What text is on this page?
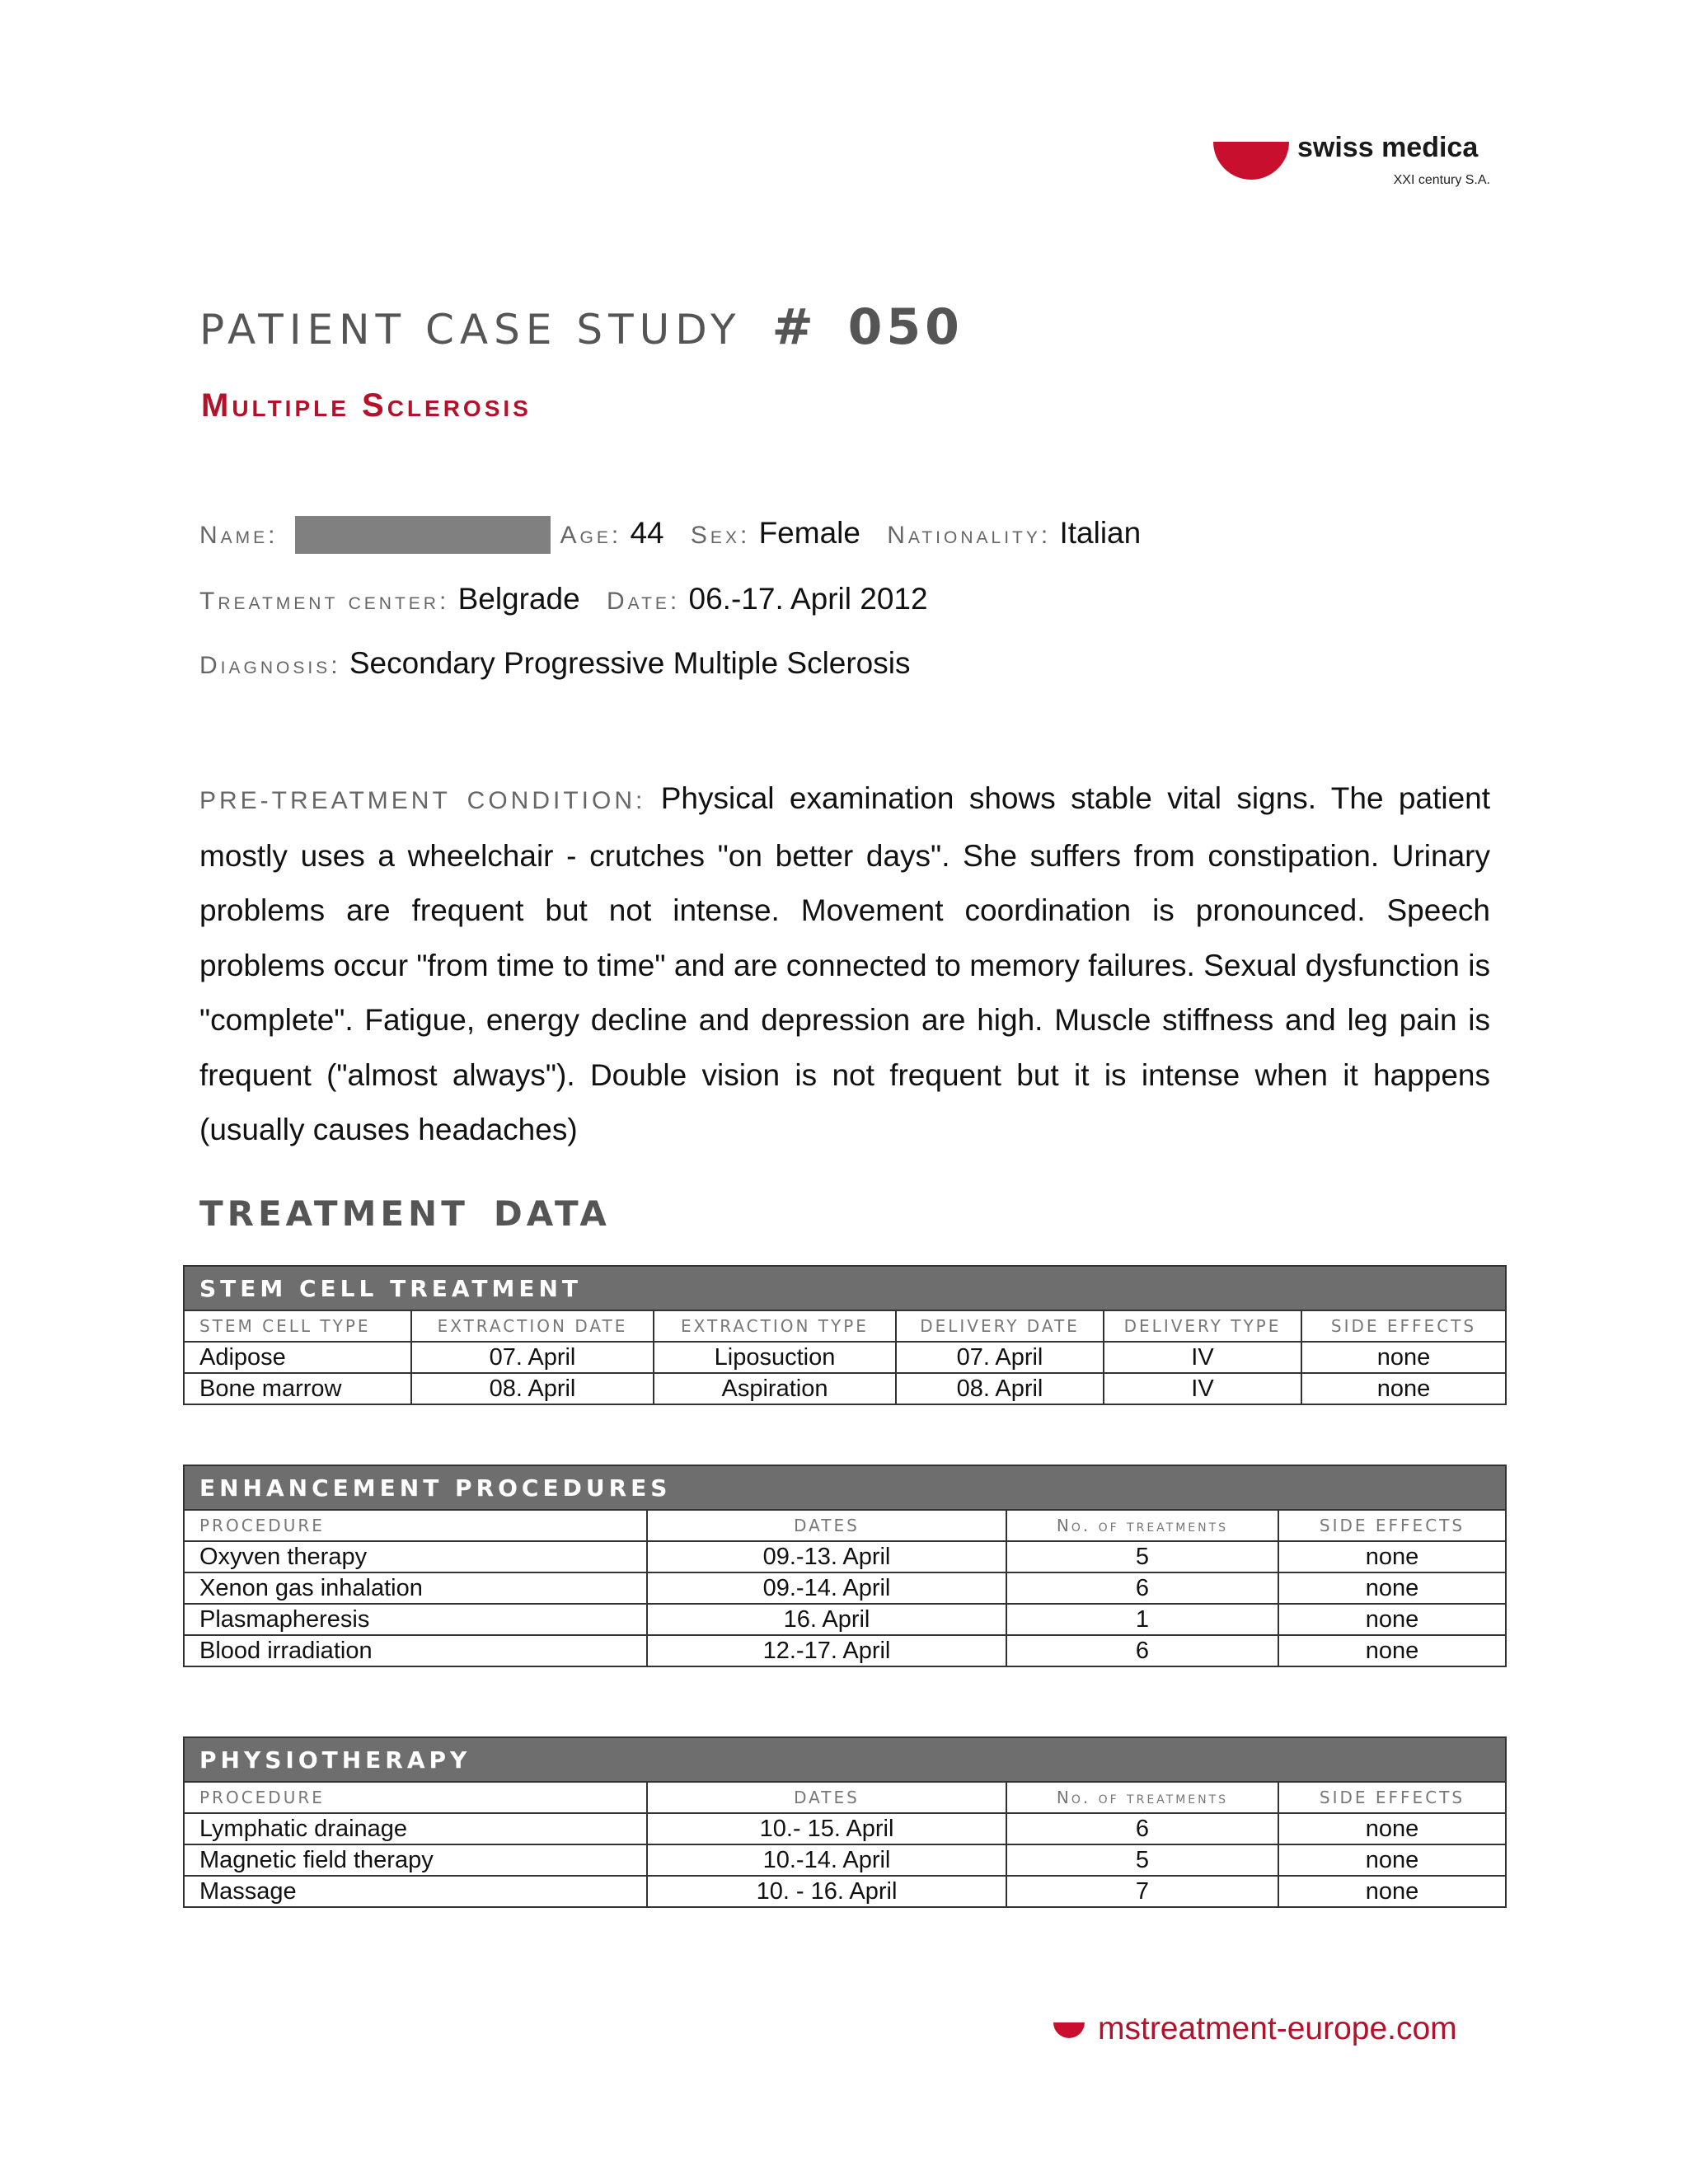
swiss medica
XXI century S.A.
PATIENT CASE STUDY # 050
Multiple Sclerosis
Name:	Age: 44 Sex: Female Nationality: Italian
Treatment center: Belgrade Date: 06.-17. April 2012
Diagnosis: Secondary Progressive Multiple Sclerosis
PRE-TREATMENT CONDITION: Physical examination shows stable vital signs. The patient mostly uses a wheelchair - crutches "on better days". She suffers from constipation. Urinary problems are frequent but not intense. Movement coordination is pronounced. Speech problems occur "from time to time" and are connected to memory failures. Sexual dysfunction is "complete". Fatigue, energy decline and depression are high. Muscle stiffness and leg pain is frequent ("almost always"). Double vision is not frequent but it is intense when it happens (usually causes headaches)
TREATMENT DATA
STEM CELL TREATMENT					
STEM CELL TYPE	EXTRACTION DATE	EXTRACTION TYPE	DELIVERY DATE	DELIVERY TYPE	SIDE EFFECTS
Adipose	07. April	Liposuction	07. April	IV	none
Bone marrow	08. April	Aspiration	08. April	IV	none
ENHANCEMENT PROCEDURES			
PROCEDURE	DATES	No. of treatments	SIDE EFFECTS
Oxyven therapy	09.-13. April	5	none
Xenon gas inhalation	09.-14. April	6	none
Plasmapheresis	16. April	1	none
Blood irradiation	12.-17. April	6	none
PHYSIOTHERAPY			
PROCEDURE	DATES	No. of treatments	SIDE EFFECTS
Lymphatic drainage	10.- 15. April	6	none
Magnetic field therapy	10.-14. April	5	none
Massage	10. - 16. April	7	none
mstreatment-europe.com
